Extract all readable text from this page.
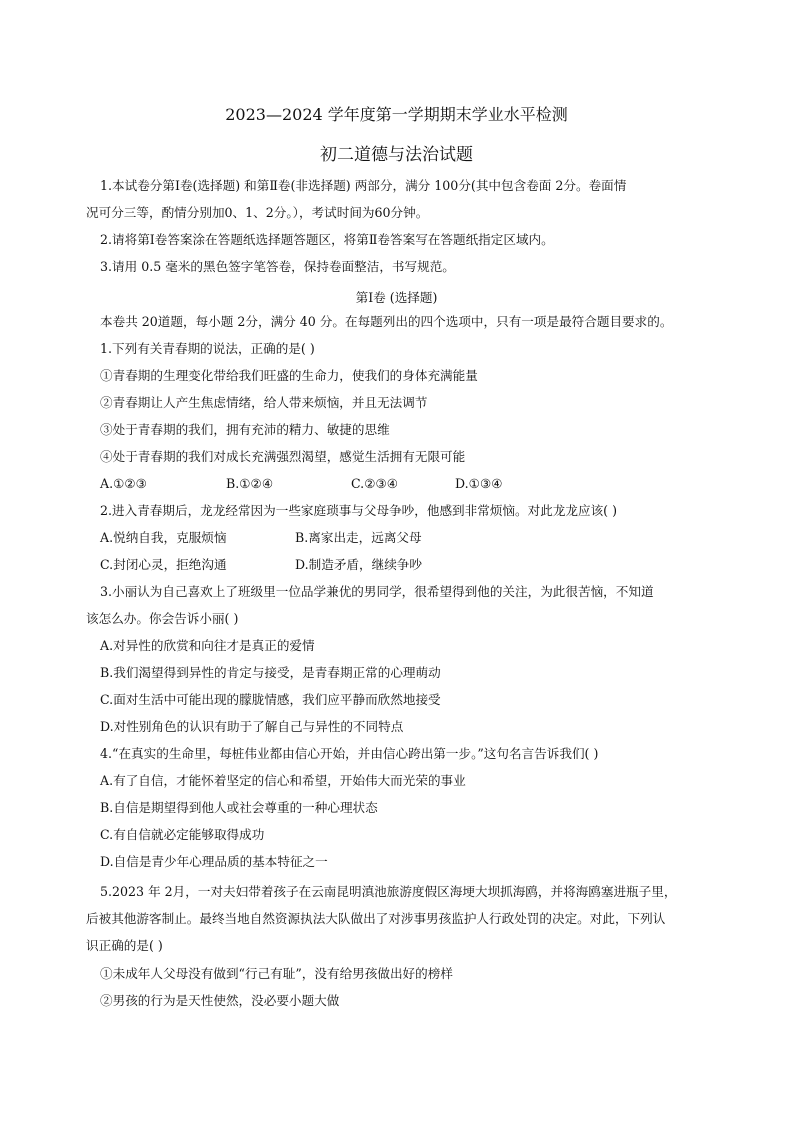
2023—2024 学年度第一学期期末学业水平检测
初二道德与法治试题
1.本试卷分第Ⅰ卷(选择题) 和第Ⅱ卷(非选择题) 两部分，满分 100分(其中包含卷面 2分。卷面情
况可分三等，酌情分别加0、1、2分。），考试时间为60分钟。
2.请将第Ⅰ卷答案涂在答题纸选择题答题区，将第Ⅱ卷答案写在答题纸指定区域内。
3.请用 0.5 毫米的黑色签字笔答卷，保持卷面整洁，书写规范。
第Ⅰ卷 (选择题)
本卷共 20道题，每小题 2分，满分 40 分。在每题列出的四个选项中，只有一项是最符合题目要求的。
1.下列有关青春期的说法，正确的是( )
①青春期的生理变化带给我们旺盛的生命力，使我们的身体充满能量
②青春期让人产生焦虑情绪，给人带来烦恼，并且无法调节
③处于青春期的我们，拥有充沛的精力、敏捷的思维
④处于青春期的我们对成长充满强烈渴望，感觉生活拥有无限可能
A.①②③	B.①②④	C.②③④	D.①③④
2.进入青春期后，龙龙经常因为一些家庭琐事与父母争吵，他感到非常烦恼。对此龙龙应该( )
A.悦纳自我，克服烦恼	B.离家出走，远离父母
C.封闭心灵，拒绝沟通	D.制造矛盾，继续争吵
3.小丽认为自己喜欢上了班级里一位品学兼优的男同学，很希望得到他的关注，为此很苦恼，不知道
该怎么办。你会告诉小丽( )
A.对异性的欣赏和向往才是真正的爱情
B.我们渴望得到异性的肯定与接受，是青春期正常的心理萌动
C.面对生活中可能出现的朦胧情感，我们应平静而欣然地接受
D.对性别角色的认识有助于了解自己与异性的不同特点
4.“在真实的生命里，每桩伟业都由信心开始，并由信心跨出第一步。”这句名言告诉我们( )
A.有了自信，才能怀着坚定的信心和希望，开始伟大而光荣的事业
B.自信是期望得到他人或社会尊重的一种心理状态
C.有自信就必定能够取得成功
D.自信是青少年心理品质的基本特征之一
5.2023 年 2月，一对夫妇带着孩子在云南昆明滇池旅游度假区海埂大坝抓海鸥，并将海鸥塞进瓶子里，
后被其他游客制止。最终当地自然资源执法大队做出了对涉事男孩监护人行政处罚的决定。对此，下列认
识正确的是( )
①未成年人父母没有做到“行己有耻”，没有给男孩做出好的榜样
②男孩的行为是天性使然，没必要小题大做
